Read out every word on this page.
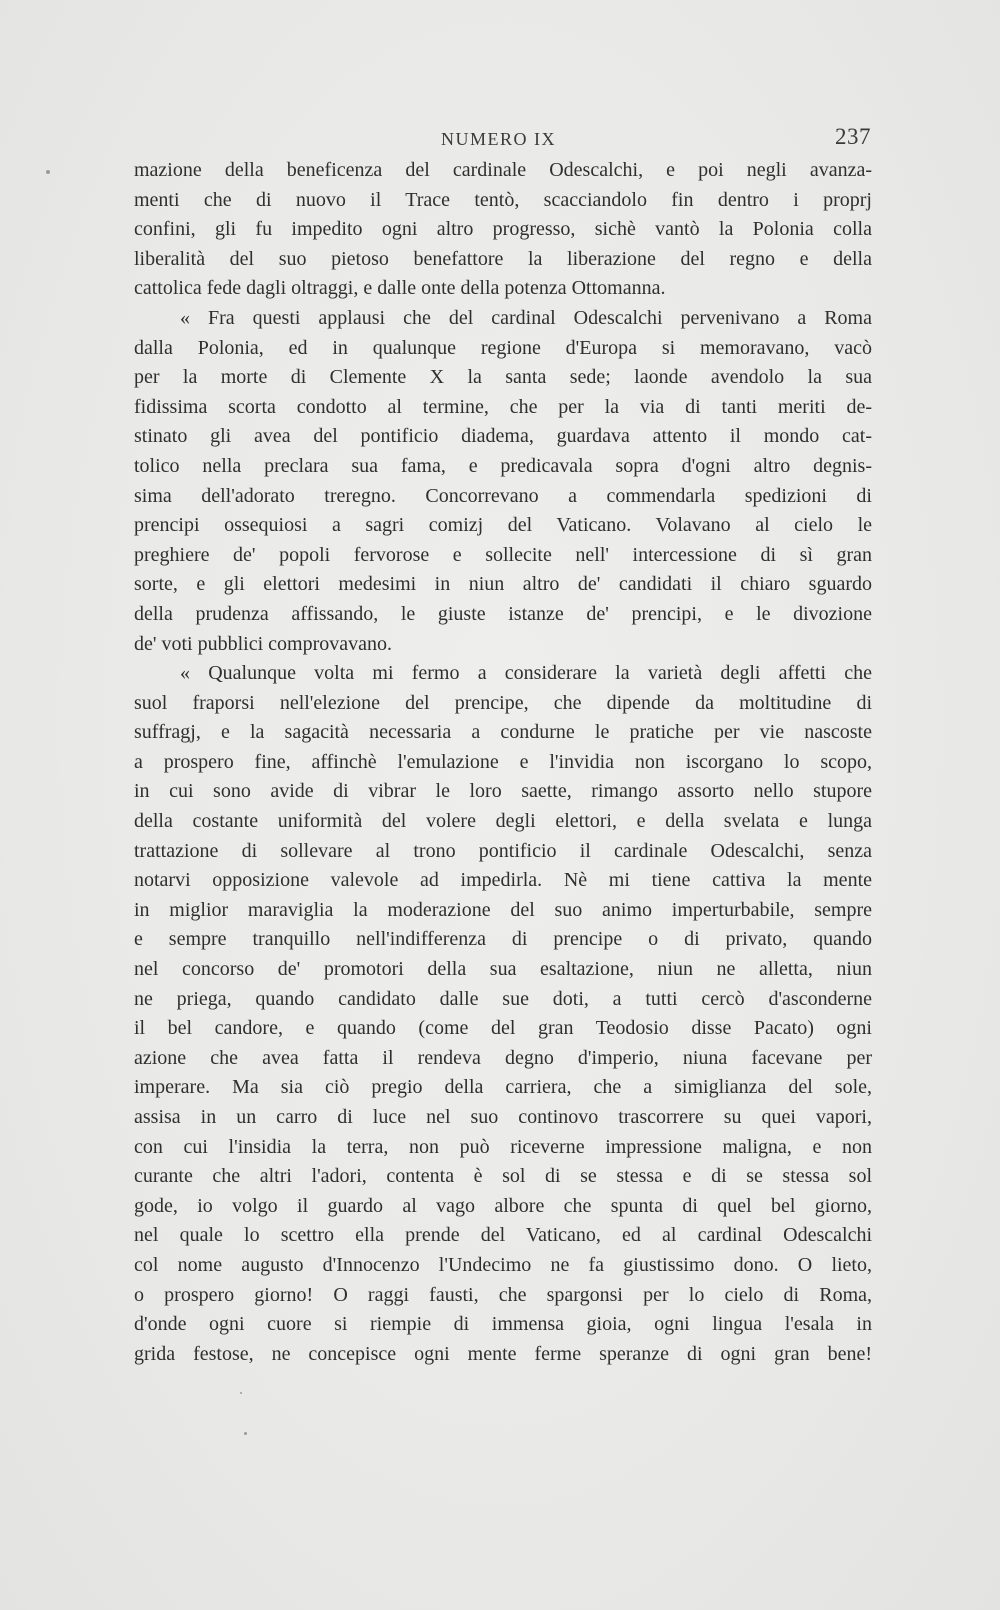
NUMERO IX	237
mazione della beneficenza del cardinale Odescalchi, e poi negli avanza-
menti che di nuovo il Trace tentò, scacciandolo fin dentro i proprj
confini, gli fu impedito ogni altro progresso, sichè vantò la Polonia colla
liberalità del suo pietoso benefattore la liberazione del regno e della
cattolica fede dagli oltraggi, e dalle onte della potenza Ottomanna.
« Fra questi applausi che del cardinal Odescalchi pervenivano a Roma
dalla Polonia, ed in qualunque regione d'Europa si memoravano, vacò
per la morte di Clemente X la santa sede; laonde avendolo la sua
fidissima scorta condotto al termine, che per la via di tanti meriti de-
stinato gli avea del pontificio diadema, guardava attento il mondo cat-
tolico nella preclara sua fama, e predicavala sopra d'ogni altro degnis-
sima dell'adorato treregno. Concorrevano a commendarla spedizioni di
prencipi ossequiosi a sagri comizj del Vaticano. Volavano al cielo le
preghiere de' popoli fervorose e sollecite nell' intercessione di sì gran
sorte, e gli elettori medesimi in niun altro de' candidati il chiaro sguardo
della prudenza affissando, le giuste istanze de' prencipi, e le divozione
de' voti pubblici comprovavano.
« Qualunque volta mi fermo a considerare la varietà degli affetti che
suol fraporsi nell'elezione del prencipe, che dipende da moltitudine di
suffragj, e la sagacità necessaria a condurne le pratiche per vie nascoste
a prospero fine, affinchè l'emulazione e l'invidia non iscorgano lo scopo,
in cui sono avide di vibrar le loro saette, rimango assorto nello stupore
della costante uniformità del volere degli elettori, e della svelata e lunga
trattazione di sollevare al trono pontificio il cardinale Odescalchi, senza
notarvi opposizione valevole ad impedirla. Nè mi tiene cattiva la mente
in miglior maraviglia la moderazione del suo animo imperturbabile, sempre
e sempre tranquillo nell'indifferenza di prencipe o di privato, quando
nel concorso de' promotori della sua esaltazione, niun ne alletta, niun
ne priega, quando candidato dalle sue doti, a tutti cercò d'asconderne
il bel candore, e quando (come del gran Teodosio disse Pacato) ogni
azione che avea fatta il rendeva degno d'imperio, niuna facevane per
imperare. Ma sia ciò pregio della carriera, che a simiglianza del sole,
assisa in un carro di luce nel suo continovo trascorrere su quei vapori,
con cui l'insidia la terra, non può riceverne impressione maligna, e non
curante che altri l'adori, contenta è sol di se stessa e di se stessa sol
gode, io volgo il guardo al vago albore che spunta di quel bel giorno,
nel quale lo scettro ella prende del Vaticano, ed al cardinal Odescalchi
col nome augusto d'Innocenzo l'Undecimo ne fa giustissimo dono. O lieto,
o prospero giorno! O raggi fausti, che spargonsi per lo cielo di Roma,
d'onde ogni cuore si riempie di immensa gioia, ogni lingua l'esala in
grida festose, ne concepisce ogni mente ferme speranze di ogni gran bene!
